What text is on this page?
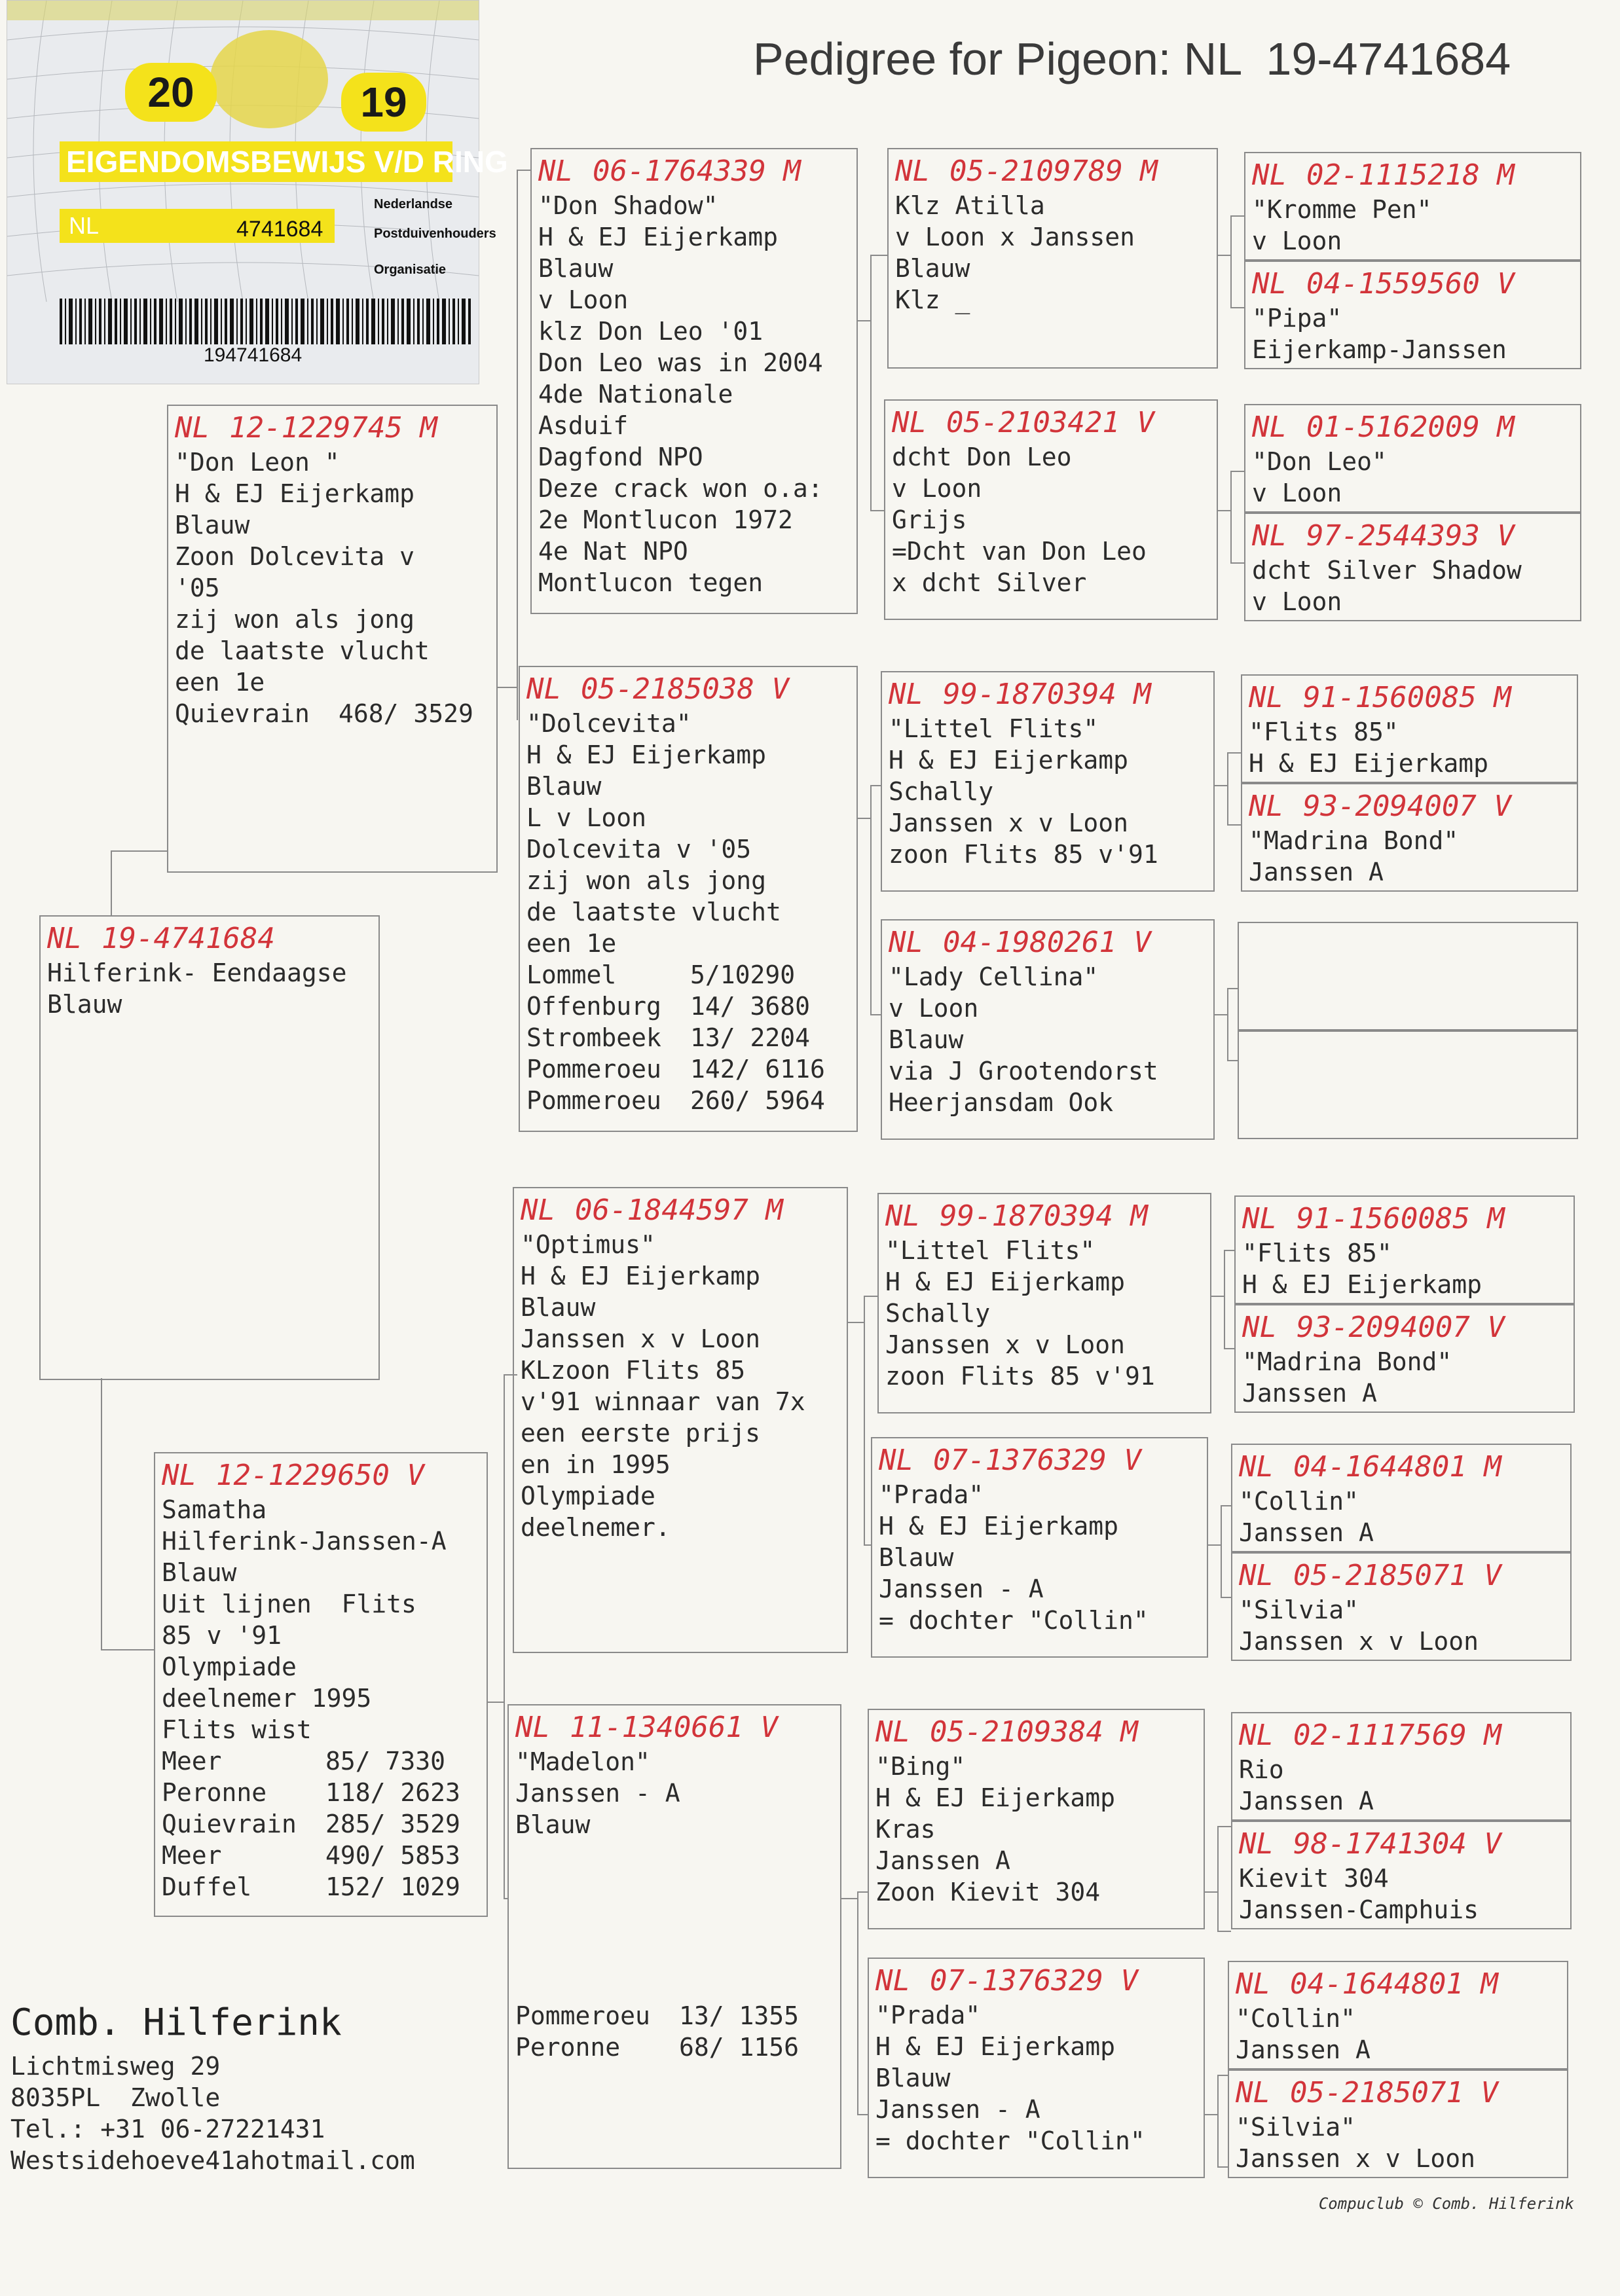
20	19
EIGENDOMSBEWIJS V/D RING
NL	4741684
Nederlandse
Postduivenhouders
Organisatie
194741684
Pedigree for Pigeon: NL  19-4741684
NL 19-4741684
Hilferink- Eendaagse
Blauw
NL 12-1229745 M
"Don Leon "
H & EJ Eijerkamp
Blauw
Zoon Dolcevita v
'05
zij won als jong
de laatste vlucht
een 1e
Quievrain	468/ 3529
NL 12-1229650 V
Samatha
Hilferink-Janssen-A
Blauw
Uit lijnen  Flits
85 v '91
Olympiade
deelnemer 1995
Flits wist
Meer	85/ 7330
Peronne	118/ 2623
Quievrain	285/ 3529
Meer	490/ 5853
Duffel	152/ 1029
NL 06-1764339 M
"Don Shadow"
H & EJ Eijerkamp
Blauw
v Loon
klz Don Leo '01
Don Leo was in 2004
4de Nationale
Asduif
Dagfond NPO
Deze crack won o.a:
2e Montlucon 1972
4e Nat NPO
Montlucon tegen
NL 05-2185038 V
"Dolcevita"
H & EJ Eijerkamp
Blauw
L v Loon
Dolcevita v '05
zij won als jong
de laatste vlucht
een 1e
Lommel	5/10290
Offenburg	14/ 3680
Strombeek	13/ 2204
Pommeroeu	142/ 6116
Pommeroeu	260/ 5964
NL 06-1844597 M
"Optimus"
H & EJ Eijerkamp
Blauw
Janssen x v Loon
KLzoon Flits 85
v'91 winnaar van 7x
een eerste prijs
en in 1995
Olympiade
deelnemer.
NL 11-1340661 V
"Madelon"
Janssen - A
Blauw
Pommeroeu	13/ 1355
Peronne	68/ 1156
NL 05-2109789 M
Klz Atilla
v Loon x Janssen
Blauw
Klz _
NL 05-2103421 V
dcht Don Leo
v Loon
Grijs
=Dcht van Don Leo
x dcht Silver
NL 99-1870394 M
"Littel Flits"
H & EJ Eijerkamp
Schally
Janssen x v Loon
zoon Flits 85 v'91
NL 04-1980261 V
"Lady Cellina"
v Loon
Blauw
via J Grootendorst
Heerjansdam Ook
NL 99-1870394 M
"Littel Flits"
H & EJ Eijerkamp
Schally
Janssen x v Loon
zoon Flits 85 v'91
NL 07-1376329 V
"Prada"
H & EJ Eijerkamp
Blauw
Janssen - A
= dochter "Collin"
NL 05-2109384 M
"Bing"
H & EJ Eijerkamp
Kras
Janssen A
Zoon Kievit 304
NL 07-1376329 V
"Prada"
H & EJ Eijerkamp
Blauw
Janssen - A
= dochter "Collin"
NL 02-1115218 M
"Kromme Pen"
v Loon
NL 04-1559560 V
"Pipa"
Eijerkamp-Janssen
NL 01-5162009 M
"Don Leo"
v Loon
NL 97-2544393 V
dcht Silver Shadow
v Loon
NL 91-1560085 M
"Flits 85"
H & EJ Eijerkamp
NL 93-2094007 V
"Madrina Bond"
Janssen A
NL 91-1560085 M
"Flits 85"
H & EJ Eijerkamp
NL 93-2094007 V
"Madrina Bond"
Janssen A
NL 04-1644801 M
"Collin"
Janssen A
NL 05-2185071 V
"Silvia"
Janssen x v Loon
NL 02-1117569 M
Rio
Janssen A
NL 98-1741304 V
Kievit 304
Janssen-Camphuis
NL 04-1644801 M
"Collin"
Janssen A
NL 05-2185071 V
"Silvia"
Janssen x v Loon
Comb. Hilferink
Lichtmisweg 29
8035PL  Zwolle
Tel.: +31 06-27221431
Westsidehoeve41ahotmail.com
Compuclub © Comb. Hilferink
